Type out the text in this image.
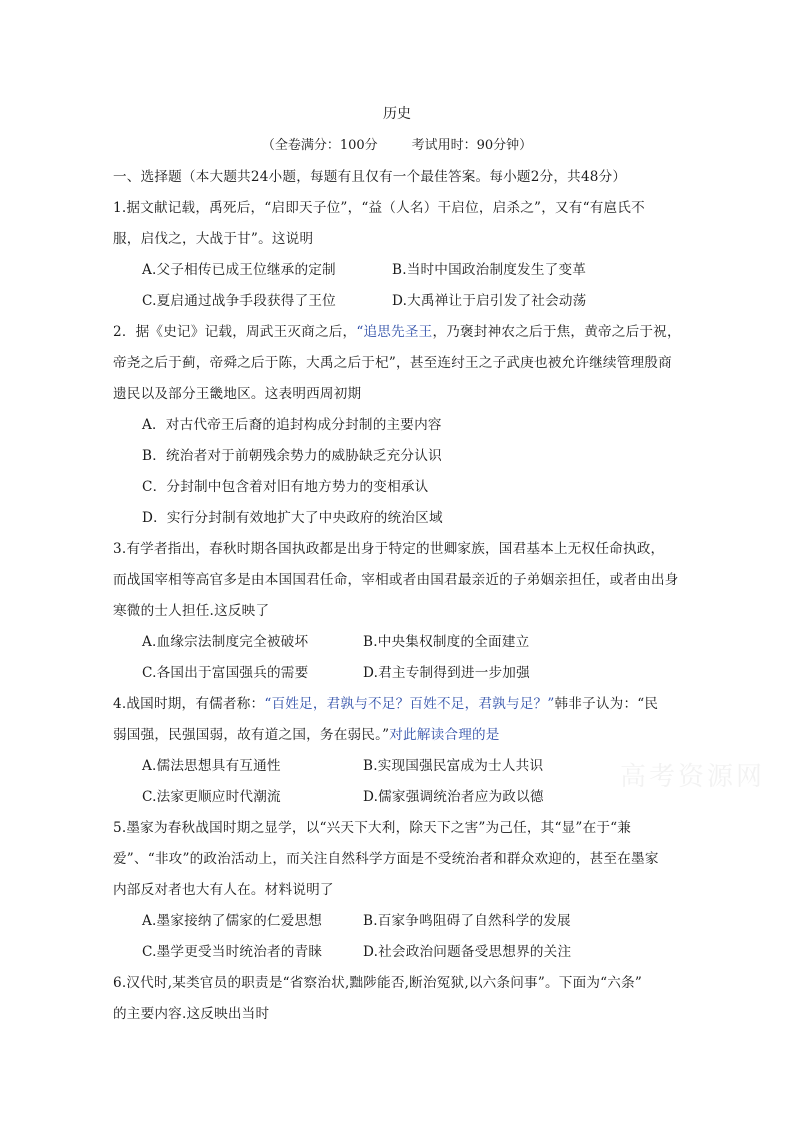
历史
（全卷满分：100分	考试用时：90分钟）
一、选择题（本大题共24小题，每题有且仅有一个最佳答案。每小题2分，共48分）
1.据文献记载，禹死后，“启即天子位”，“益（人名）干启位，启杀之”，又有“有扈氏不
服，启伐之，大战于甘”。这说明
A.父子相传已成王位继承的定制	B.当时中国政治制度发生了变革
C.夏启通过战争手段获得了王位	D.大禹禅让于启引发了社会动荡
2．据《史记》记载，周武王灭商之后，“追思先圣王，乃褒封神农之后于焦，黄帝之后于祝，
帝尧之后于蓟，帝舜之后于陈，大禹之后于杞”，甚至连纣王之子武庚也被允许继续管理殷商
遗民以及部分王畿地区。这表明西周初期
A．对古代帝王后裔的追封构成分封制的主要内容
B．统治者对于前朝残余势力的威胁缺乏充分认识
C．分封制中包含着对旧有地方势力的变相承认
D．实行分封制有效地扩大了中央政府的统治区域
3.有学者指出，春秋时期各国执政都是出身于特定的世卿家族，国君基本上无权任命执政，
而战国宰相等高官多是由本国国君任命，宰相或者由国君最亲近的子弟姻亲担任，或者由出身
寒微的士人担任.这反映了
A.血缘宗法制度完全被破坏	B.中央集权制度的全面建立
C.各国出于富国强兵的需要	D.君主专制得到进一步加强
4.战国时期，有儒者称：“百姓足，君孰与不足？百姓不足，君孰与足？”韩非子认为：“民
弱国强，民强国弱，故有道之国，务在弱民。”对此解读合理的是
A.儒法思想具有互通性	B.实现国强民富成为士人共识
C.法家更顺应时代潮流	D.儒家强调统治者应为政以德
5.墨家为春秋战国时期之显学，以“兴天下大利，除天下之害”为己任，其“显”在于“兼
爱”、“非攻”的政治活动上，而关注自然科学方面是不受统治者和群众欢迎的，甚至在墨家
内部反对者也大有人在。材料说明了
A.墨家接纳了儒家的仁爱思想	B.百家争鸣阻碍了自然科学的发展
C.墨学更受当时统治者的青睐	D.社会政治问题备受思想界的关注
6.汉代时,某类官员的职责是“省察治状,黜陟能否,断治冤狱,以六条问事”。下面为“六条”
的主要内容.这反映出当时
高考资源网
